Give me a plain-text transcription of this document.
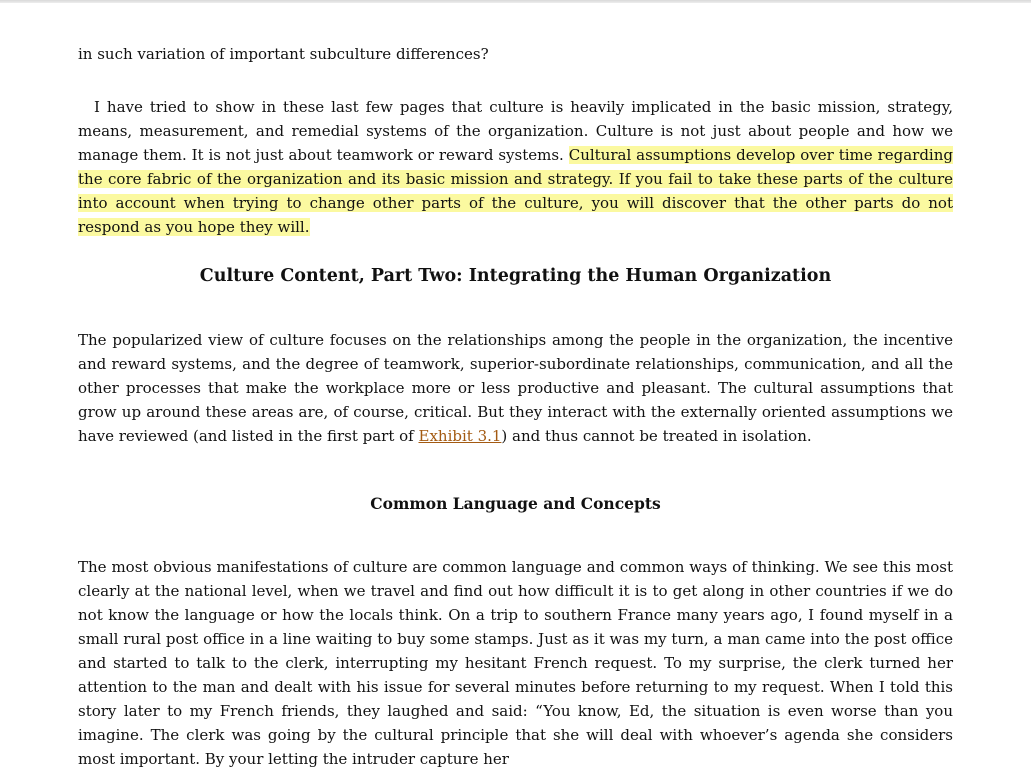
in such variation of important subculture differences?

I have tried to show in these last few pages that culture is heavily implicated in the basic mission, strategy, means, measurement, and remedial systems of the organization. Culture is not just about people and how we manage them. It is not just about teamwork or reward systems. Cultural assumptions develop over time regarding the core fabric of the organization and its basic mission and strategy. If you fail to take these parts of the culture into account when trying to change other parts of the culture, you will discover that the other parts do not respond as you hope they will.

Culture Content, Part Two: Integrating the Human Organization

The popularized view of culture focuses on the relationships among the people in the organization, the incentive and reward systems, and the degree of teamwork, superior-subordinate relationships, communication, and all the other processes that make the workplace more or less productive and pleasant. The cultural assumptions that grow up around these areas are, of course, critical. But they interact with the externally oriented assumptions we have reviewed (and listed in the first part of Exhibit 3.1) and thus cannot be treated in isolation.

Common Language and Concepts

The most obvious manifestations of culture are common language and common ways of thinking. We see this most clearly at the national level, when we travel and find out how difficult it is to get along in other countries if we do not know the language or how the locals think. On a trip to southern France many years ago, I found myself in a small rural post office in a line waiting to buy some stamps. Just as it was my turn, a man came into the post office and started to talk to the clerk, interrupting my hesitant French request. To my surprise, the clerk turned her attention to the man and dealt with his issue for several minutes before returning to my request. When I told this story later to my French friends, they laughed and said: “You know, Ed, the situation is even worse than you imagine. The clerk was going by the cultural principle that she will deal with whoever’s agenda she considers most important. By your letting the intruder capture her
